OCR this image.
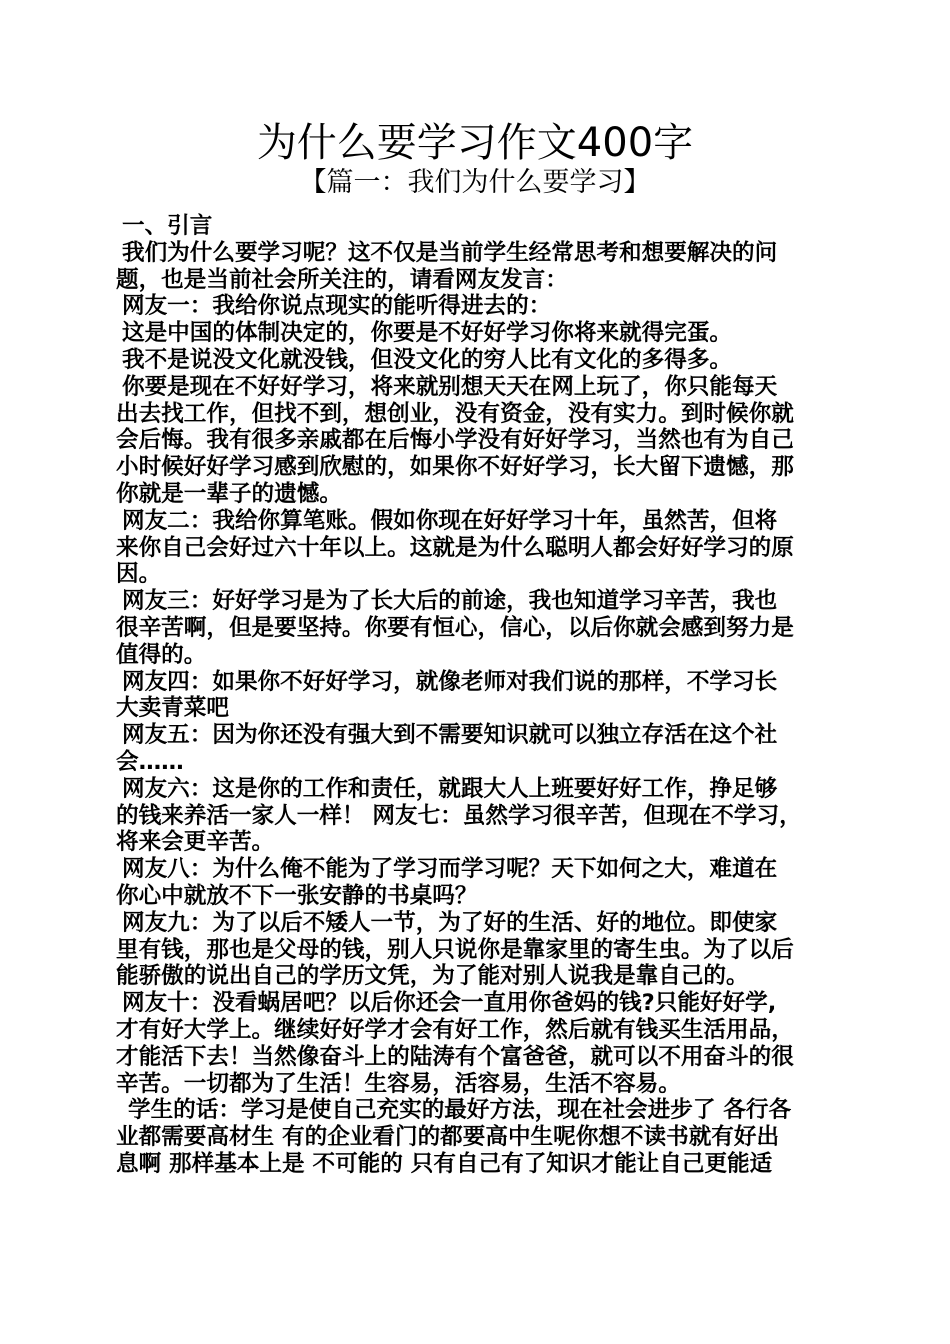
为什么要学习作文400字
【篇一：我们为什么要学习】
一、引言
我们为什么要学习呢？这不仅是当前学生经常思考和想要解决的问
题，也是当前社会所关注的，请看网友发言：
网友一：我给你说点现实的能听得进去的：
这是中国的体制决定的，你要是不好好学习你将来就得完蛋。
我不是说没文化就没钱，但没文化的穷人比有文化的多得多。
你要是现在不好好学习，将来就别想天天在网上玩了，你只能每天
出去找工作，但找不到，想创业，没有资金，没有实力。到时候你就
会后悔。我有很多亲戚都在后悔小学没有好好学习，当然也有为自己
小时候好好学习感到欣慰的，如果你不好好学习，长大留下遗憾，那
你就是一辈子的遗憾。
网友二：我给你算笔账。假如你现在好好学习十年，虽然苦，但将
来你自己会好过六十年以上。这就是为什么聪明人都会好好学习的原
因。
网友三：好好学习是为了长大后的前途，我也知道学习辛苦，我也
很辛苦啊，但是要坚持。你要有恒心，信心，以后你就会感到努力是
值得的。
网友四：如果你不好好学习，就像老师对我们说的那样，不学习长
大卖青菜吧
网友五：因为你还没有强大到不需要知识就可以独立存活在这个社
会……
网友六：这是你的工作和责任，就跟大人上班要好好工作，挣足够
的钱来养活一家人一样！ 网友七：虽然学习很辛苦，但现在不学习，
将来会更辛苦。
网友八：为什么俺不能为了学习而学习呢？天下如何之大，难道在
你心中就放不下一张安静的书桌吗？
网友九：为了以后不矮人一节，为了好的生活、好的地位。即使家
里有钱，那也是父母的钱，别人只说你是靠家里的寄生虫。为了以后
能骄傲的说出自己的学历文凭，为了能对别人说我是靠自己的。
网友十：没看蜗居吧？以后你还会一直用你爸妈的钱?只能好好学,
才有好大学上。继续好好学才会有好工作，然后就有钱买生活用品，
才能活下去！当然像奋斗上的陆涛有个富爸爸，就可以不用奋斗的很
辛苦。一切都为了生活！生容易，活容易，生活不容易。
学生的话：学习是使自己充实的最好方法，现在社会进步了 各行各
业都需要高材生 有的企业看门的都要高中生呢你想不读书就有好出
息啊 那样基本上是 不可能的 只有自己有了知识才能让自己更能适
